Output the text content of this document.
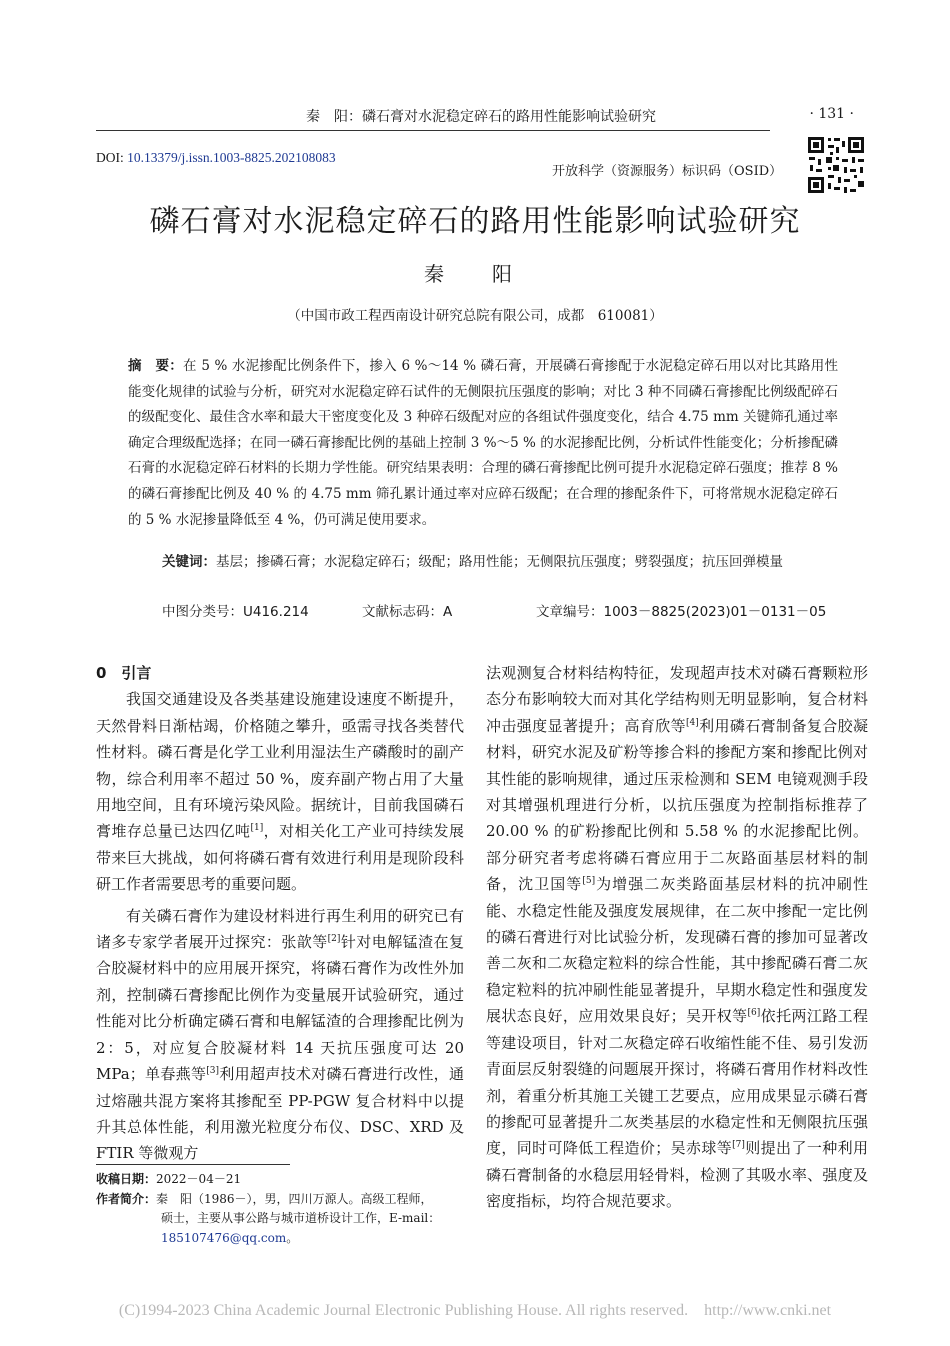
秦　阳：磷石膏对水泥稳定碎石的路用性能影响试验研究	· 131 ·
DOI: 10.13379/j.issn.1003-8825.202108083
开放科学（资源服务）标识码（OSID）
磷石膏对水泥稳定碎石的路用性能影响试验研究
秦　阳
（中国市政工程西南设计研究总院有限公司，成都　610081）
摘　要：在 5 % 水泥掺配比例条件下，掺入 6 %～14 % 磷石膏，开展磷石膏掺配于水泥稳定碎石用以对比其路用性能变化规律的试验与分析，研究对水泥稳定碎石试件的无侧限抗压强度的影响；对比 3 种不同磷石膏掺配比例级配碎石的级配变化、最佳含水率和最大干密度变化及 3 种碎石级配对应的各组试件强度变化，结合 4.75 mm 关键筛孔通过率确定合理级配选择；在同一磷石膏掺配比例的基础上控制 3 %～5 % 的水泥掺配比例，分析试件性能变化；分析掺配磷石膏的水泥稳定碎石材料的长期力学性能。研究结果表明：合理的磷石膏掺配比例可提升水泥稳定碎石强度；推荐 8 % 的磷石膏掺配比例及 40 % 的 4.75 mm 筛孔累计通过率对应碎石级配；在合理的掺配条件下，可将常规水泥稳定碎石的 5 % 水泥掺量降低至 4 %，仍可满足使用要求。
关键词：基层；掺磷石膏；水泥稳定碎石；级配；路用性能；无侧限抗压强度；劈裂强度；抗压回弹模量
中图分类号：U416.214	文献标志码：A	文章编号：1003－8825(2023)01－0131－05
0　引言

我国交通建设及各类基建设施建设速度不断提升，天然骨料日渐枯竭，价格随之攀升，亟需寻找各类替代性材料。磷石膏是化学工业利用湿法生产磷酸时的副产物，综合利用率不超过 50 %，废弃副产物占用了大量用地空间，且有环境污染风险。据统计，目前我国磷石膏堆存总量已达四亿吨[1]，对相关化工产业可持续发展带来巨大挑战，如何将磷石膏有效进行利用是现阶段科研工作者需要思考的重要问题。

有关磷石膏作为建设材料进行再生利用的研究已有诸多专家学者展开过探究：张歆等[2]针对电解锰渣在复合胶凝材料中的应用展开探究，将磷石膏作为改性外加剂，控制磷石膏掺配比例作为变量展开试验研究，通过性能对比分析确定磷石膏和电解锰渣的合理掺配比例为 2：5，对应复合胶凝材料 14 天抗压强度可达 20 MPa；单春燕等[3]利用超声技术对磷石膏进行改性，通过熔融共混方案将其掺配至 PP-PGW 复合材料中以提升其总体性能，利用激光粒度分布仪、DSC、XRD 及 FTIR 等微观方

法观测复合材料结构特征，发现超声技术对磷石膏颗粒形态分布影响较大而对其化学结构则无明显影响，复合材料冲击强度显著提升；高育欣等[4]利用磷石膏制备复合胶凝材料，研究水泥及矿粉等掺合料的掺配方案和掺配比例对其性能的影响规律，通过压汞检测和 SEM 电镜观测手段对其增强机理进行分析，以抗压强度为控制指标推荐了 20.00 % 的矿粉掺配比例和 5.58 % 的水泥掺配比例。部分研究者考虑将磷石膏应用于二灰路面基层材料的制备，沈卫国等[5]为增强二灰类路面基层材料的抗冲刷性能、水稳定性能及强度发展规律，在二灰中掺配一定比例的磷石膏进行对比试验分析，发现磷石膏的掺加可显著改善二灰和二灰稳定粒料的综合性能，其中掺配磷石膏二灰稳定粒料的抗冲刷性能显著提升，早期水稳定性和强度发展状态良好，应用效果良好；吴开权等[6]依托两江路工程等建设项目，针对二灰稳定碎石收缩性能不佳、易引发沥青面层反射裂缝的问题展开探讨，将磷石膏用作材料改性剂，着重分析其施工关键工艺要点，应用成果显示磷石膏的掺配可显著提升二灰类基层的水稳定性和无侧限抗压强度，同时可降低工程造价；吴赤球等[7]则提出了一种利用磷石膏制备的水稳层用轻骨料，检测了其吸水率、强度及密度指标，均符合规范要求。

收稿日期：2022－04－21
作者简介：秦　阳（1986－），男，四川万源人。高级工程师，
硕士，主要从事公路与城市道桥设计工作，E-mail：
185107476@qq.com。
(C)1994-2023 China Academic Journal Electronic Publishing House. All rights reserved.　http://www.cnki.net
